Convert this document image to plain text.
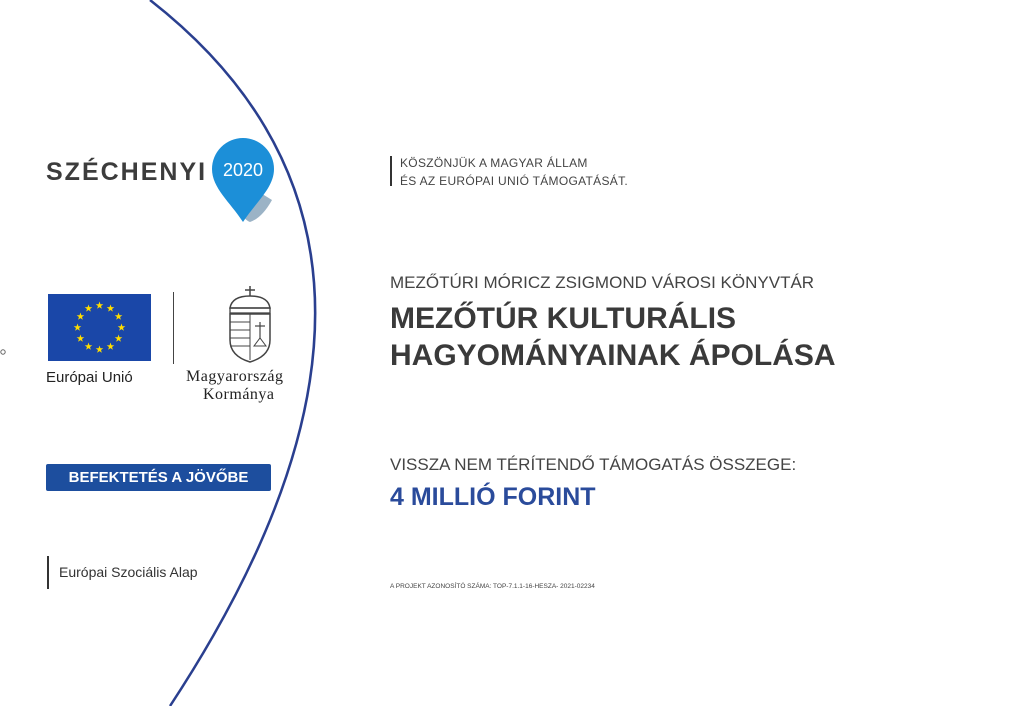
SZÉCHENYI 2020
Európai Unió	Magyarország
Kormánya
BEFEKTETÉS A JÖVŐBE
Európai Szociális Alap
KÖSZÖNJÜK A MAGYAR ÁLLAM
ÉS AZ EURÓPAI UNIÓ TÁMOGATÁSÁT.
MEZŐTÚRI MÓRICZ ZSIGMOND VÁROSI KÖNYVTÁR
MEZŐTÚR KULTURÁLIS
HAGYOMÁNYAINAK ÁPOLÁSA
VISSZA NEM TÉRÍTENDŐ TÁMOGATÁS ÖSSZEGE:
4 MILLIÓ FORINT
A PROJEKT AZONOSÍTÓ SZÁMA: TOP-7.1.1-16-HESZA- 2021-02234
